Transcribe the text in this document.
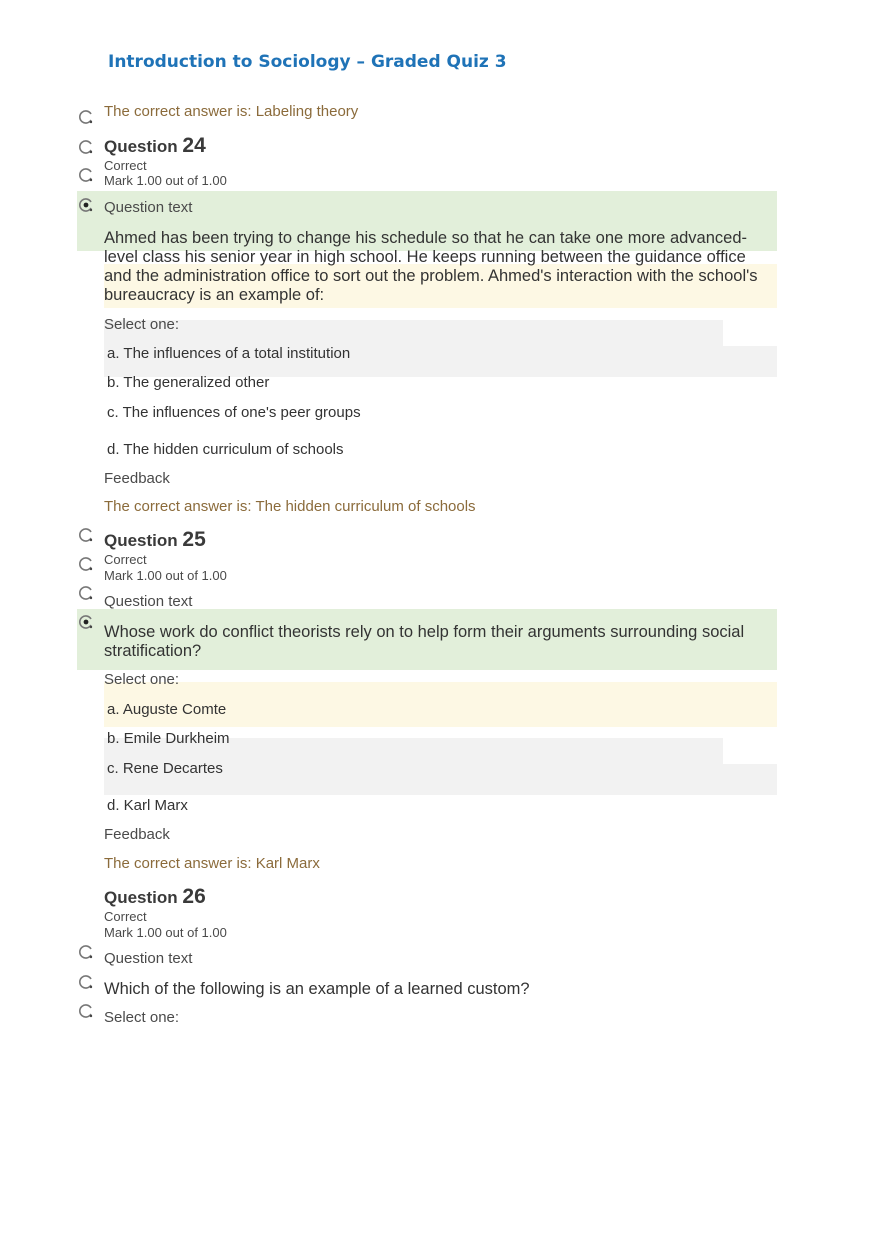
Introduction to Sociology – Graded Quiz 3
The correct answer is: Labeling theory
Question 24
Correct
Mark 1.00 out of 1.00
Question text
Ahmed has been trying to change his schedule so that he can take one more advanced-
level class his senior year in high school. He keeps running between the guidance office
and the administration office to sort out the problem. Ahmed's interaction with the school's
bureaucracy is an example of:
Select one:
a. The influences of a total institution
b. The generalized other
c. The influences of one's peer groups
d. The hidden curriculum of schools
Feedback
The correct answer is: The hidden curriculum of schools
Question 25
Correct
Mark 1.00 out of 1.00
Question text
Whose work do conflict theorists rely on to help form their arguments surrounding social
stratification?
Select one:
a. Auguste Comte
b. Emile Durkheim
c. Rene Decartes
d. Karl Marx
Feedback
The correct answer is: Karl Marx
Question 26
Correct
Mark 1.00 out of 1.00
Question text
Which of the following is an example of a learned custom?
Select one:
